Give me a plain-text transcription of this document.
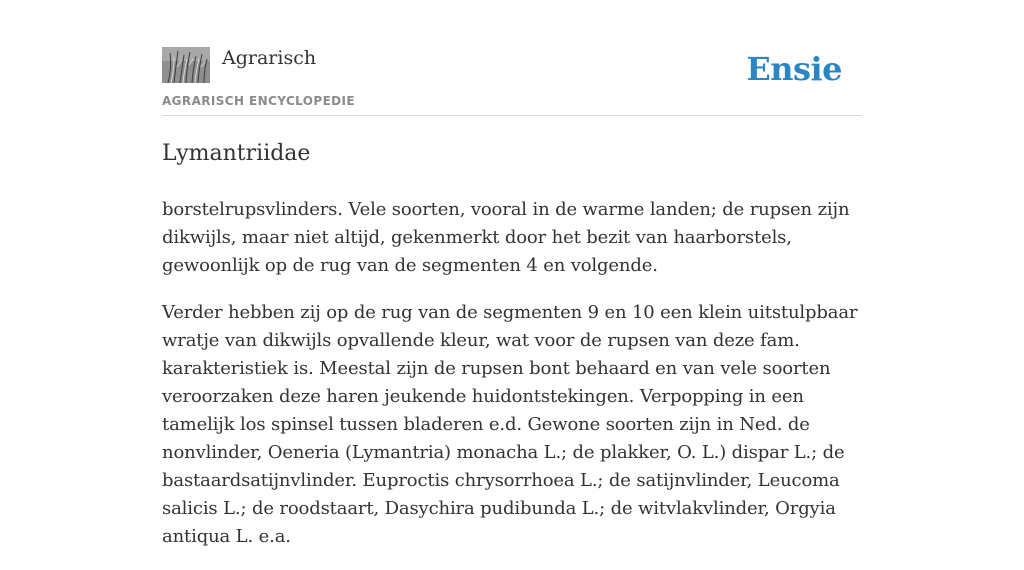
Agrarisch
AGRARISCH ENCYCLOPEDIE
Ensie
Lymantriidae

borstelrupsvlinders. Vele soorten, vooral in de warme landen; de rupsen zijn dikwijls, maar niet altijd, gekenmerkt door het bezit van haarborstels, gewoonlijk op de rug van de segmenten 4 en volgende.

Verder hebben zij op de rug van de segmenten 9 en 10 een klein uitstulpbaar wratje van dikwijls opvallende kleur, wat voor de rupsen van deze fam. karakteristiek is. Meestal zijn de rupsen bont behaard en van vele soorten veroorzaken deze haren jeukende huidontstekingen. Verpopping in een tamelijk los spinsel tussen bladeren e.d. Gewone soorten zijn in Ned. de nonvlinder, Oeneria (Lymantria) monacha L.; de plakker, O. L.) dispar L.; de bastaardsatijnvlinder. Euproctis chrysorrhoea L.; de satijnvlinder, Leucoma salicis L.; de roodstaart, Dasychira pudibunda L.; de witvlakvlinder, Orgyia antiqua L. e.a.
